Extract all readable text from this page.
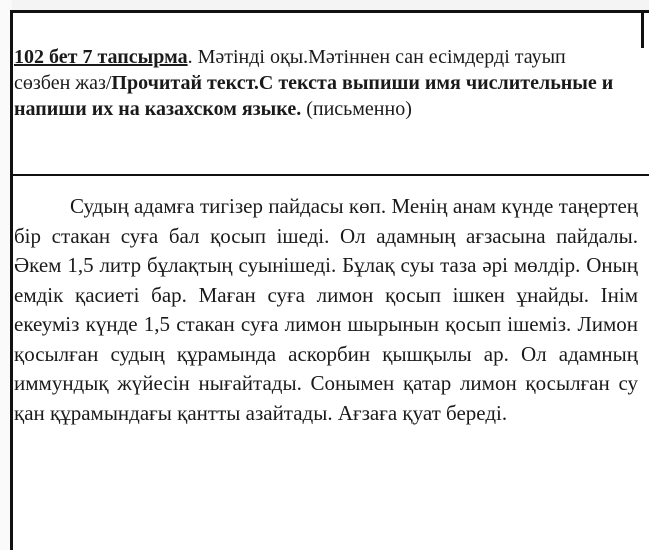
102 бет 7 тапсырма. Мәтінді оқы.Мәтіннен сан есімдерді тауып сөзбен жаз/Прочитай текст.С текста выпиши имя числительные и напиши их на казахском языке. (письменно)

Судың адамға тигізер пайдасы көп. Менің анам күнде таңертең бір стакан суға бал қосып ішеді. Ол адамның ағзасына пайдалы. Әкем 1,5 литр бұлақтың суынішеді. Бұлақ суы таза әрі мөлдір. Оның емдік қасиеті бар. Маған суға лимон қосып ішкен ұнайды. Інім екеуміз күнде 1,5 стакан суға лимон шырынын қосып ішеміз. Лимон қосылған судың құрамында аскорбин қышқылы ар. Ол адамның иммундық жүйесін нығайтады. Сонымен қатар лимон қосылған су қан құрамындағы қантты азайтады. Ағзаға қуат береді.
